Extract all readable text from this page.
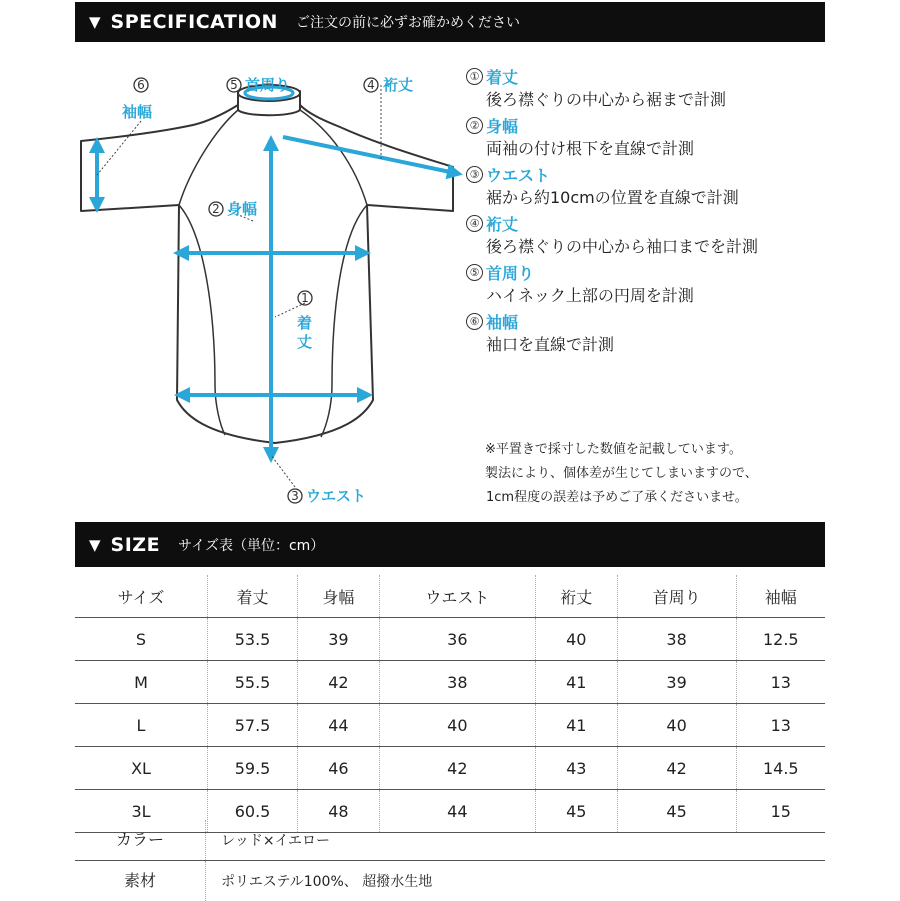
▼ SPECIFICATION ご注文の前に必ずお確かめください
6
袖幅
5 首周り	4 裄丈
2 身幅
1
着丈
3 ウエスト
① 着丈
後ろ襟ぐりの中心から裾まで計測
② 身幅
両袖の付け根下を直線で計測
③ ウエスト
裾から約10cmの位置を直線で計測
④ 裄丈
後ろ襟ぐりの中心から袖口までを計測
⑤ 首周り
ハイネック上部の円周を計測
⑥ 袖幅
袖口を直線で計測
※平置きで採寸した数値を記載しています。
製法により、個体差が生じてしまいますので、
1cm程度の誤差は予めご了承くださいませ。
▼ SIZE サイズ表（単位：cm）
サイズ	着丈	身幅	ウエスト	裄丈	首周り	袖幅
S	53.5	39	36	40	38	12.5
M	55.5	42	38	41	39	13
L	57.5	44	40	41	40	13
XL	59.5	46	42	43	42	14.5
3L	60.5	48	44	45	45	15
カラー	レッド×イエロー
素材	ポリエステル100%、 超撥水生地
